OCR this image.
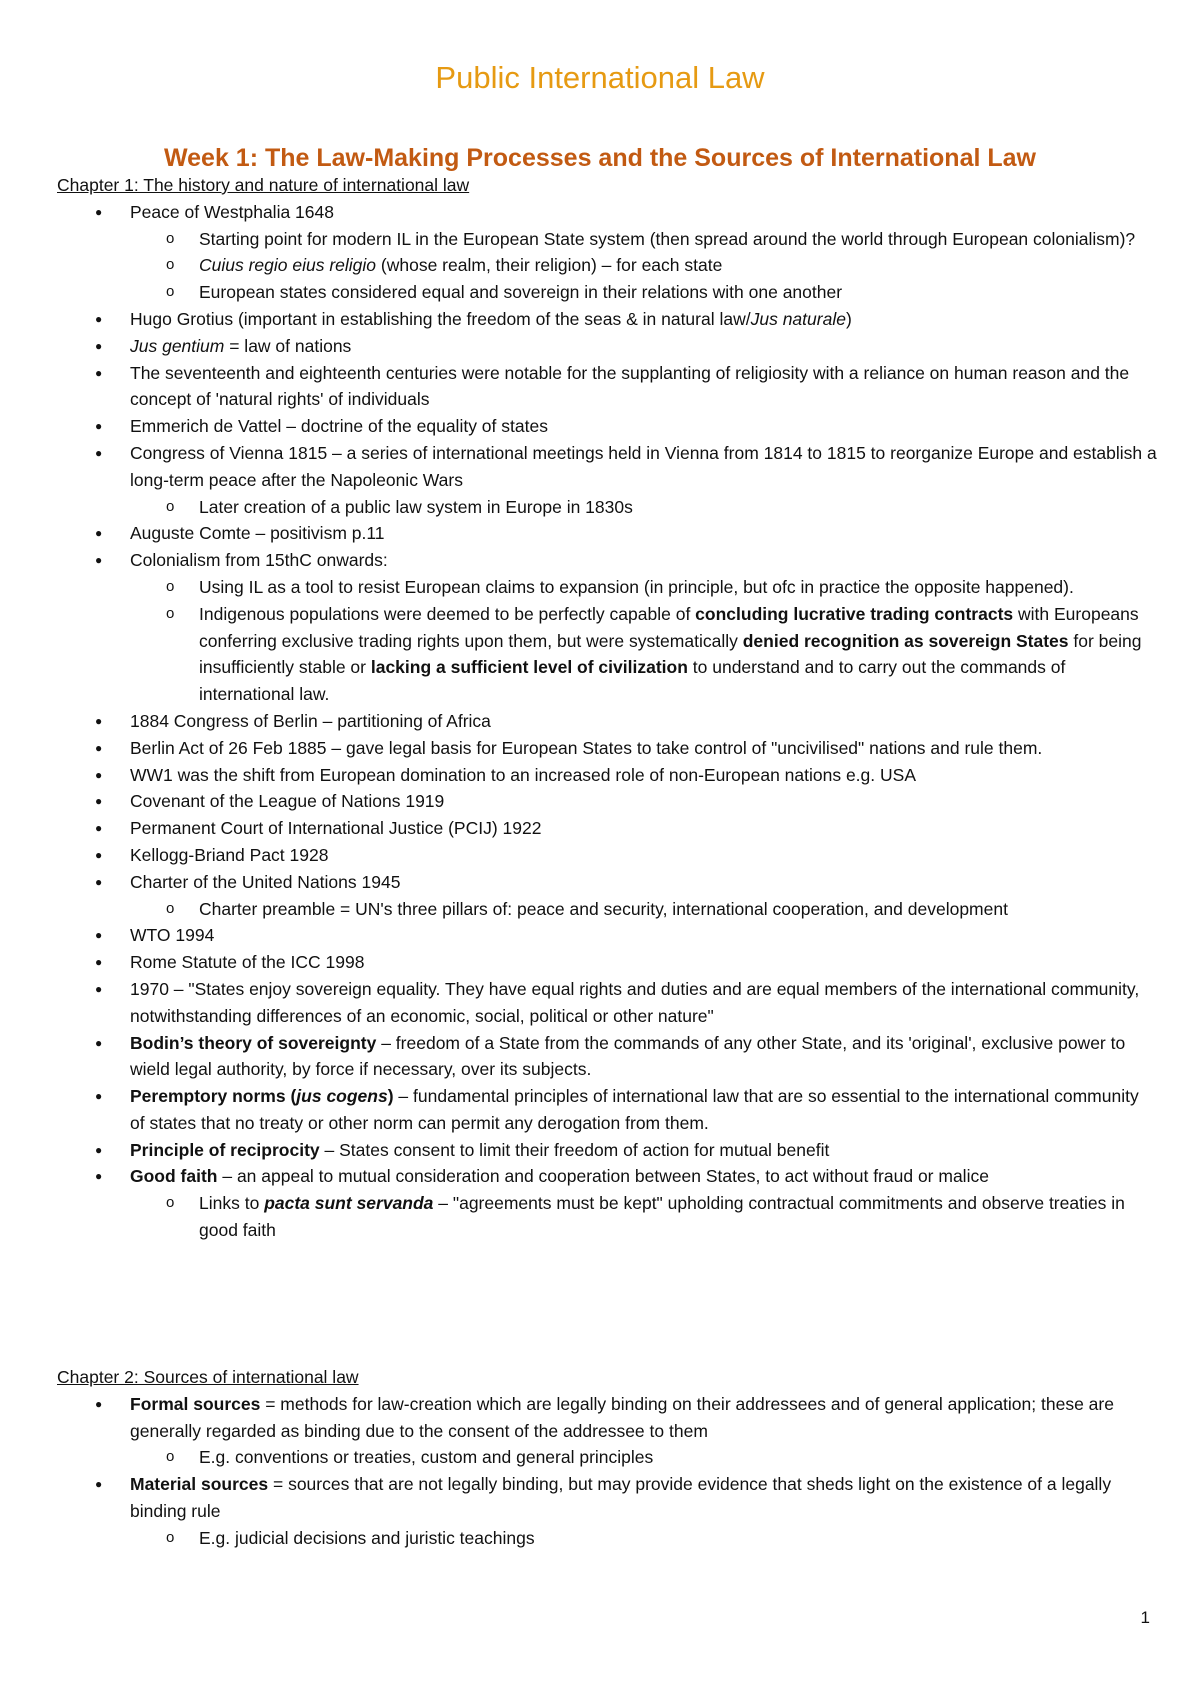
Public International Law
Week 1: The Law-Making Processes and the Sources of International Law

Chapter 1: The history and nature of international law

● Peace of Westphalia 1648
o Starting point for modern IL in the European State system (then spread around the world through European colonialism)?
o Cuius regio eius religio (whose realm, their religion) – for each state
o European states considered equal and sovereign in their relations with one another
● Hugo Grotius (important in establishing the freedom of the seas & in natural law/Jus naturale)
● Jus gentium = law of nations
● The seventeenth and eighteenth centuries were notable for the supplanting of religiosity with a reliance on human reason and the concept of 'natural rights' of individuals
● Emmerich de Vattel – doctrine of the equality of states
● Congress of Vienna 1815 – a series of international meetings held in Vienna from 1814 to 1815 to reorganize Europe and establish a long-term peace after the Napoleonic Wars
o Later creation of a public law system in Europe in 1830s
● Auguste Comte – positivism p.11
● Colonialism from 15thC onwards:
o Using IL as a tool to resist European claims to expansion (in principle, but ofc in practice the opposite happened).
o Indigenous populations were deemed to be perfectly capable of concluding lucrative trading contracts with Europeans conferring exclusive trading rights upon them, but were systematically denied recognition as sovereign States for being insufficiently stable or lacking a sufficient level of civilization to understand and to carry out the commands of international law.
● 1884 Congress of Berlin – partitioning of Africa
● Berlin Act of 26 Feb 1885 – gave legal basis for European States to take control of "uncivilised" nations and rule them.
● WW1 was the shift from European domination to an increased role of non-European nations e.g. USA
● Covenant of the League of Nations 1919
● Permanent Court of International Justice (PCIJ) 1922
● Kellogg-Briand Pact 1928
● Charter of the United Nations 1945
o Charter preamble = UN's three pillars of: peace and security, international cooperation, and development
● WTO 1994
● Rome Statute of the ICC 1998
● 1970 – "States enjoy sovereign equality. They have equal rights and duties and are equal members of the international community, notwithstanding differences of an economic, social, political or other nature"
● Bodin’s theory of sovereignty – freedom of a State from the commands of any other State, and its 'original', exclusive power to wield legal authority, by force if necessary, over its subjects.
● Peremptory norms (jus cogens) – fundamental principles of international law that are so essential to the international community of states that no treaty or other norm can permit any derogation from them.
● Principle of reciprocity – States consent to limit their freedom of action for mutual benefit
● Good faith – an appeal to mutual consideration and cooperation between States, to act without fraud or malice
o Links to pacta sunt servanda – "agreements must be kept" upholding contractual commitments and observe treaties in good faith

Chapter 2: Sources of international law

● Formal sources = methods for law-creation which are legally binding on their addressees and of general application; these are generally regarded as binding due to the consent of the addressee to them
o E.g. conventions or treaties, custom and general principles
● Material sources = sources that are not legally binding, but may provide evidence that sheds light on the existence of a legally binding rule
o E.g. judicial decisions and juristic teachings
1
